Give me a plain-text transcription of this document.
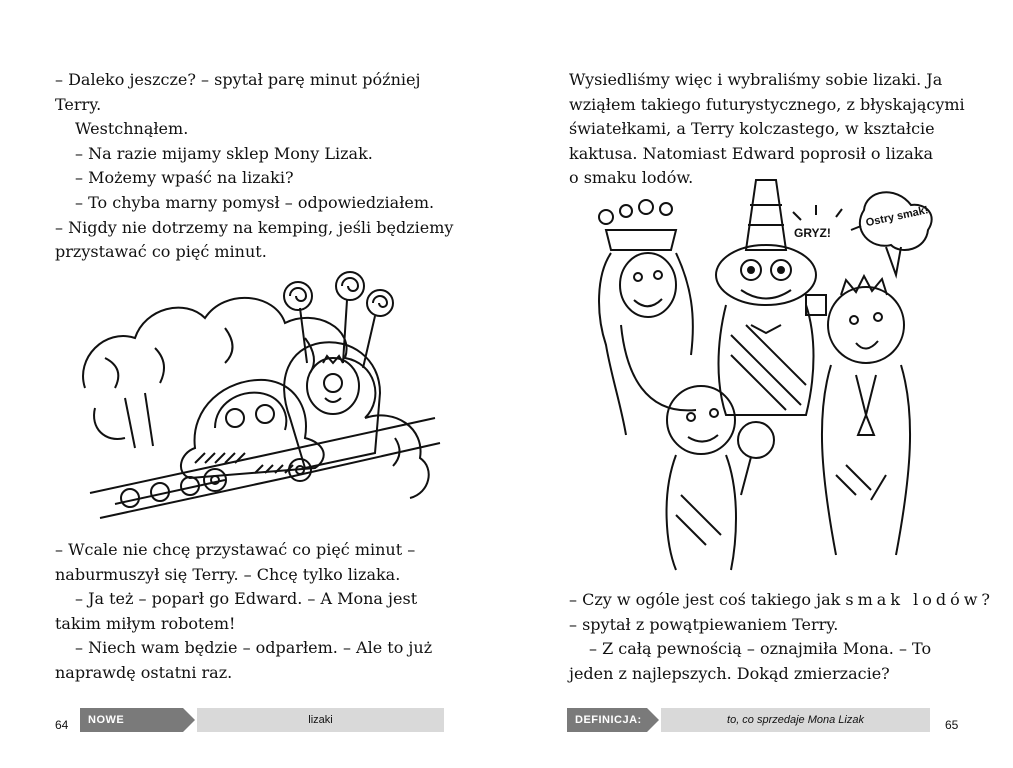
– Daleko jeszcze? – spytał parę minut później

Terry.

Westchnąłem.

– Na razie mijamy sklep Mony Lizak.

– Możemy wpaść na lizaki?

– To chyba marny pomysł – odpowiedziałem.

– Nigdy nie dotrzemy na kemping, jeśli będziemy

przystawać co pięć minut.

– Wcale nie chcę przystawać co pięć minut –

naburmuszył się Terry. – Chcę tylko lizaka.

– Ja też – poparł go Edward. – A Mona jest

takim miłym robotem!

– Niech wam będzie – odparłem. – Ale to już

naprawdę ostatni raz.

64	NOWE SŁÓWKO:
lizaki

Wysiedliśmy więc i wybraliśmy sobie lizaki. Ja

wziąłem takiego futurystycznego, z błyskającymi

światełkami, a Terry kolczastego, w kształcie

kaktusa. Natomiast Edward poprosił o lizaka

o smaku lodów.

GRYZ!
Ostry smak!

– Czy w ogóle jest coś takiego jak smak lodów?

– spytał z powątpiewaniem Terry.

– Z całą pewnością – oznajmiła Mona. – To

jeden z najlepszych. Dokąd zmierzacie?

DEFINICJA:	to, co sprzedaje Mona Lizak	65
